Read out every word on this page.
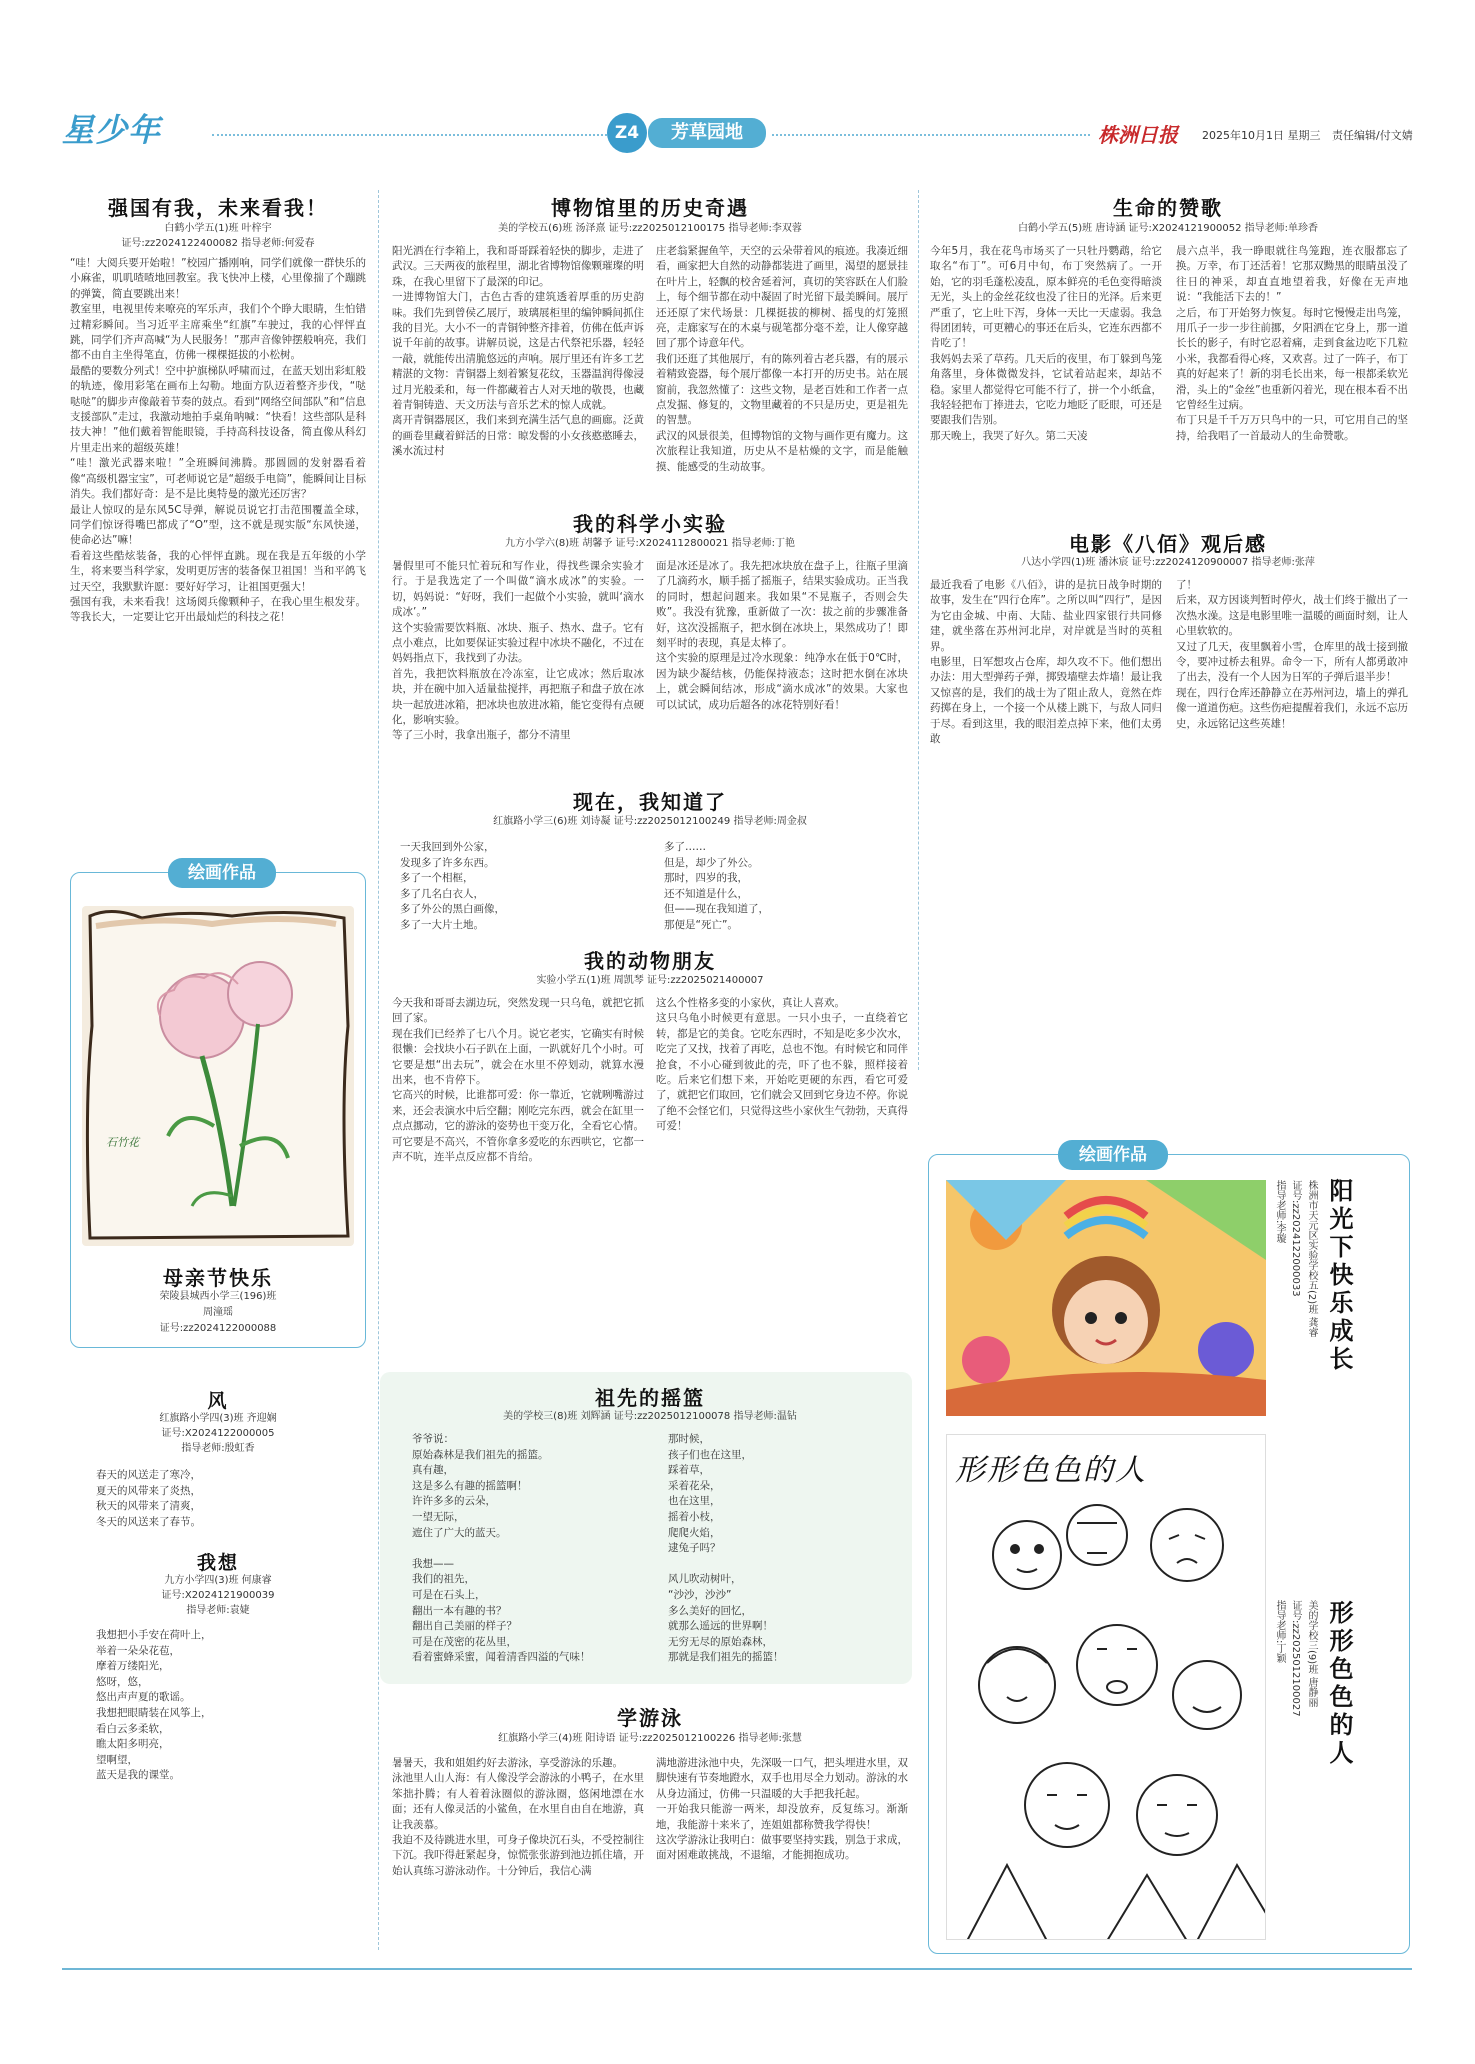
星少年	Z4	芳草园地	株洲日报 2025年10月1日 星期三 责任编辑/付文婧
强国有我，未来看我！
白鹤小学五(1)班 叶梓宇
证号:zz2024122400082 指导老师:何爱春
“哇！大阅兵要开始啦！”校园广播刚响，同学们就像一群快乐的小麻雀，叽叽喳喳地回教室。我飞快冲上楼，心里像揣了个蹦跳的弹簧，简直要跳出来！
教室里，电视里传来嘹亮的军乐声，我们个个睁大眼睛，生怕错过精彩瞬间。当习近平主席乘坐“红旗”车驶过，我的心怦怦直跳，同学们齐声高喊“为人民服务！”那声音像钟摆般响亮，我们都不由自主坐得笔直，仿佛一棵棵挺拔的小松树。
最酷的要数分列式！空中护旗梯队呼啸而过，在蓝天划出彩虹般的轨迹，像用彩笔在画布上勾勒。地面方队迈着整齐步伐，“哒哒哒”的脚步声像敲着节奏的鼓点。看到“网络空间部队”和“信息支援部队”走过，我激动地拍手桌角呐喊：“快看！这些部队是科技大神！”他们戴着智能眼镜，手持高科技设备，简直像从科幻片里走出来的超级英雄！
“哇！激光武器来啦！”全班瞬间沸腾。那圆圆的发射器看着像“高级机器宝宝”，可老师说它是“超级手电筒”，能瞬间让目标消失。我们都好奇：是不是比奥特曼的激光还厉害？
最让人惊叹的是东风5C导弹，解说员说它打击范围覆盖全球，同学们惊讶得嘴巴都成了“O”型，这不就是现实版“东风快递，使命必达”嘛！
看着这些酷炫装备，我的心怦怦直跳。现在我是五年级的小学生，将来要当科学家，发明更厉害的装备保卫祖国！当和平鸽飞过天空，我默默许愿：要好好学习，让祖国更强大！
强国有我，未来看我！这场阅兵像颗种子，在我心里生根发芽。等我长大，一定要让它开出最灿烂的科技之花！
绘画作品
石竹花
母亲节快乐
荣陵县城西小学三(196)班
周潼瑶
证号:zz2024122000088
风
红旗路小学四(3)班 齐迎娴
证号:X2024122000005
指导老师:殷虹香
春天的风送走了寒冷，
夏天的风带来了炎热，
秋天的风带来了清爽，
冬天的风送来了春节。
我想
九方小学四(3)班 何康睿
证号:X2024121900039
指导老师:袁婕
我想把小手安在荷叶上，
举着一朵朵花苞，
摩着万缕阳光，
悠呀，悠，
悠出声声夏的歌谣。
我想把眼睛装在风筝上，
看白云多柔软，
瞧太阳多明亮，
望啊望，
蓝天是我的课堂。
博物馆里的历史奇遇
美的学校五(6)班 汤泽熹 证号:zz2025012100175 指导老师:李双蓉
阳光洒在行李箱上，我和哥哥踩着轻快的脚步，走进了武汉。三天两夜的旅程里，湖北省博物馆像颗璀璨的明珠，在我心里留下了最深的印记。
一进博物馆大门，古色古香的建筑透着厚重的历史韵味。我们先到曾侯乙展厅，玻璃展柜里的编钟瞬间抓住我的目光。大小不一的青铜钟整齐排着，仿佛在低声诉说千年前的故事。讲解员说，这是古代祭祀乐器，轻轻一敲，就能传出清脆悠远的声响。展厅里还有许多工艺精湛的文物：青铜器上刻着繁复花纹，玉器温润得像浸过月光般柔和，每一件都藏着古人对天地的敬畏，也藏着青铜铸造、天文历法与音乐艺术的惊人成就。
离开青铜器展区，我们来到充满生活气息的画廊。泛黄的画卷里藏着鲜活的日常：晾发髻的小女孩憨憨睡去，溪水流过村
庄老翁紧握鱼竿，天空的云朵带着风的痕迹。我凑近细看，画家把大自然的动静都装进了画里，渴望的愿景挂在叶片上，轻飘的校舍延着河，真切的笑容跃在人们脸上，每个细节都在动中凝固了时光留下最美瞬间。展厅还还原了宋代场景：几棵挺拔的柳树、摇曳的灯笼照亮，走廊家写在的木桌与砚笔都分毫不差，让人像穿越回了那个诗意年代。
我们还逛了其他展厅，有的陈列着古老兵器，有的展示着精致瓷器，每个展厅都像一本打开的历史书。站在展窗前，我忽然懂了：这些文物，是老百姓和工作者一点点发掘、修复的，文物里藏着的不只是历史，更是祖先的智慧。
武汉的风景很美，但博物馆的文物与画作更有魔力。这次旅程让我知道，历史从不是枯燥的文字，而是能触摸、能感受的生动故事。
我的科学小实验
九方小学六(8)班 胡馨予 证号:X2024112800021 指导老师:丁艳
暑假里可不能只忙着玩和写作业，得找些课余实验才行。于是我选定了一个叫做“滴水成冰”的实验。一切，妈妈说：“好呀，我们一起做个小实验，就叫‘滴水成冰’。”
这个实验需要饮料瓶、冰块、瓶子、热水、盘子。它有点小难点，比如要保证实验过程中冰块不融化，不过在妈妈指点下，我找到了办法。
首先，我把饮料瓶放在冷冻室，让它成冰；然后取冰块，并在碗中加入适量盐搅拌，再把瓶子和盘子放在冰块一起放进冰箱，把冰块也放进冰箱，能它变得有点硬化，影响实验。
等了三小时，我拿出瓶子，都分不清里
面是冰还是冰了。我先把冰块放在盘子上，往瓶子里滴了几滴药水，顺手摇了摇瓶子，结果实验成功。正当我的同时，想起问题来。我如果“不晃瓶子，否则会失败”。我没有犹豫，重新做了一次：拔之前的步骤准备好，这次没摇瓶子，把水倒在冰块上，果然成功了！即刻平时的表现，真是太棒了。
这个实验的原理是过冷水现象：纯净水在低于0℃时，因为缺少凝结核，仍能保持液态；这时把水倒在冰块上，就会瞬间结冰，形成“滴水成冰”的效果。大家也可以试试，成功后超各的冰花特别好看！
现在，我知道了
红旗路小学三(6)班 刘诗凝 证号:zz2025012100249 指导老师:周金叔
一天我回到外公家，
发现多了许多东西。
多了一个相框，
多了几名白衣人，
多了外公的黑白画像，
多了一大片土地。
多了……
但是，却少了外公。
那时，四岁的我，
还不知道是什么，
但——现在我知道了，
那便是“死亡”。
我的动物朋友
实验小学五(1)班 周凯琴 证号:zz2025021400007
今天我和哥哥去湖边玩，突然发现一只乌龟，就把它抓回了家。
现在我们已经养了七八个月。说它老实，它确实有时候很懒：会找块小石子趴在上面，一趴就好几个小时。可它要是想“出去玩”，就会在水里不停划动，就算水漫出来，也不肯停下。
它高兴的时候，比谁都可爱：你一靠近，它就咧嘴游过来，还会表演水中后空翻；刚吃完东西，就会在缸里一点点挪动，它的游泳的姿势也干变万化，全看它心情。可它要是不高兴，不管你拿多爱吃的东西哄它，它都一声不吭，连半点反应都不肯给。
这么个性格多变的小家伙，真让人喜欢。
这只乌龟小时候更有意思。一只小虫子，一直绕着它转，都是它的美食。它吃东西时，不知是吃多少次水，吃完了又找，找着了再吃，总也不饱。有时候它和同伴抢食，不小心碰到彼此的壳，吓了也不躲，照样接着吃。后来它们想下来，开始吃更硬的东西，看它可爱了，就把它们取回，它们就会又回到它身边不停。你说了绝不会怪它们，只觉得这些小家伙生气勃勃，天真得可爱！
祖先的摇篮
美的学校三(8)班 刘辉涵 证号:zz2025012100078 指导老师:温钻
爷爷说：
原始森林是我们祖先的摇篮。
真有趣，
这是多么有趣的摇篮啊！
许许多多的云朵，
一望无际，
遮住了广大的蓝天。

我想——
我们的祖先，
可是在石头上，
翻出一本有趣的书？
翻出自己美丽的样子？
可是在茂密的花丛里，
看着蜜蜂采蜜，闻着清香四溢的气味！
那时候，
孩子们也在这里，
踩着草，
采着花朵，
也在这里，
摇着小枝，
爬爬火焰，
逮兔子吗？

风儿吹动树叶，
“沙沙，沙沙”
多么美好的回忆，
就那么遥远的世界啊！
无穷无尽的原始森林，
那就是我们祖先的摇篮！
学游泳
红旗路小学三(4)班 阳诗语 证号:zz2025012100226 指导老师:张慧
暑暑天，我和姐姐约好去游泳，享受游泳的乐趣。
泳池里人山人海：有人像没学会游泳的小鸭子，在水里笨拙扑腾；有人着着泳圈似的游泳圈，悠闲地漂在水面；还有人像灵活的小鲨鱼，在水里自由自在地游，真让我羡慕。
我迫不及待跳进水里，可身子像块沉石头，不受控制往下沉。我吓得赶紧起身，惊慌张张游到池边抓住墙，开始认真练习游泳动作。十分钟后，我信心满
满地游进泳池中央，先深吸一口气，把头埋进水里，双脚快速有节奏地蹬水，双手也用尽全力划动。游泳的水从身边涌过，仿佛一只温暖的大手把我托起。
一开始我只能游一两米，却没放弃，反复练习。渐渐地，我能游十来米了，连姐姐都称赞我学得快！
这次学游泳让我明白：做事要坚持实践，别急于求成，面对困难敢挑战，不退缩，才能拥抱成功。
生命的赞歌
白鹤小学五(5)班 唐诗涵 证号:X2024121900052 指导老师:单珍香
今年5月，我在花鸟市场买了一只牡丹鹦鹉，给它取名“布丁”。可6月中旬，布丁突然病了。一开始，它的羽毛蓬松凌乱，原本鲜亮的毛色变得暗淡无光，头上的金丝花纹也没了往日的光泽。后来更严重了，它上吐下泻，身体一天比一天虚弱。我急得团团转，可更糟心的事还在后头，它连东西都不肯吃了！
我妈妈去采了草药。几天后的夜里，布丁躲到鸟笼角落里，身体微微发抖，它试着站起来，却站不稳。家里人都觉得它可能不行了，拼一个小纸盒，我轻轻把布丁捧进去，它吃力地眨了眨眼，可还是要跟我们告别。
那天晚上，我哭了好久。第二天凌
晨六点半，我一睁眼就往鸟笼跑，连衣服都忘了换。万幸，布丁还活着！它那双黝黑的眼睛虽没了往日的神采，却直直地望着我，好像在无声地说：“我能活下去的！”
之后，布丁开始努力恢复。每时它慢慢走出鸟笼，用爪子一步一步往前挪，夕阳洒在它身上，那一道长长的影子，有时它忍着痛，走到食盆边吃下几粒小米，我都看得心疼，又欢喜。过了一阵子，布丁真的好起来了！新的羽毛长出来，每一根都柔软光滑，头上的“金丝”也重新闪着光，现在根本看不出它曾经生过病。
布丁只是千千万万只鸟中的一只，可它用自己的坚持，给我唱了一首最动人的生命赞歌。
电影《八佰》观后感
八达小学四(1)班 潘沐宸 证号:zz2024120900007 指导老师:张萍
最近我看了电影《八佰》，讲的是抗日战争时期的故事，发生在“四行仓库”。之所以叫“四行”，是因为它由金城、中南、大陆、盐业四家银行共同修建，就坐落在苏州河北岸，对岸就是当时的英租界。
电影里，日军想攻占仓库，却久攻不下。他们想出办法：用大型弹药子弹，掷毁墙壁去炸墙！最让我又惊喜的是，我们的战士为了阻止敌人，竟然在炸药掷在身上，一个接一个从楼上跳下，与敌人同归于尽。看到这里，我的眼泪差点掉下来，他们太勇敢
了！
后来，双方因谈判暂时停火，战士们终于撤出了一次热水澡。这是电影里唯一温暖的画面时刻，让人心里软软的。
又过了几天，夜里飘着小雪，仓库里的战士接到撤令，要冲过桥去租界。命令一下，所有人都勇敢冲了出去，没有一个人因为日军的子弹后退半步！
现在，四行仓库还静静立在苏州河边，墙上的弹孔像一道道伤疤。这些伤疤提醒着我们，永远不忘历史，永远铭记这些英雄！
绘画作品
阳光下快乐成长
株洲市天元区实验学校五(2)班 龚睿
证号:zz2024122000033
指导老师:李璇
形形色色的人
形形色色的人
美的学校三(9)班 唐静丽
证号:zz2025012100027
指导老师:丁颖
